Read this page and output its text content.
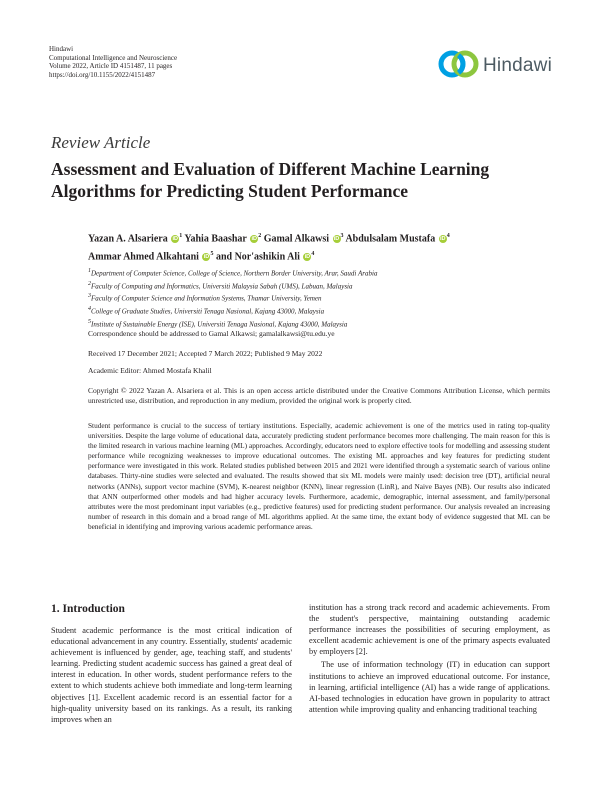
Hindawi
Computational Intelligence and Neuroscience
Volume 2022, Article ID 4151487, 11 pages
https://doi.org/10.1155/2022/4151487	Hindawi
Review Article
Assessment and Evaluation of Different Machine Learning
Algorithms for Predicting Student Performance
Yazan A. Alsariera $iD^1$ Yahia Baashar $iD^2$ Gamal Alkawsi $iD^3$ Abdulsalam Mustafa $iD^4$
Ammar Ahmed Alkahtani $iD^5$ and Nor'ashikin Ali $iD^4$
$^1$Department of Computer Science, College of Science, Northern Border University, Arar, Saudi Arabia
$^2$Faculty of Computing and Informatics, Universiti Malaysia Sabah (UMS), Labuan, Malaysia
$^3$Faculty of Computer Science and Information Systems, Thamar University, Yemen
$^4$College of Graduate Studies, Universiti Tenaga Nasional, Kajang 43000, Malaysia
$^5$Institute of Sustainable Energy (ISE), Universiti Tenaga Nasional, Kajang 43000, Malaysia
Correspondence should be addressed to Gamal Alkawsi; gamalalkawsi@tu.edu.ye
Received 17 December 2021; Accepted 7 March 2022; Published 9 May 2022
Academic Editor: Ahmed Mostafa Khalil
Copyright © 2022 Yazan A. Alsariera et al. This is an open access article distributed under the Creative Commons Attribution License, which permits unrestricted use, distribution, and reproduction in any medium, provided the original work is properly cited.
Student performance is crucial to the success of tertiary institutions. Especially, academic achievement is one of the metrics used in rating top-quality universities. Despite the large volume of educational data, accurately predicting student performance becomes more challenging. The main reason for this is the limited research in various machine learning (ML) approaches. Accordingly, educators need to explore effective tools for modelling and assessing student performance while recognizing weaknesses to improve educational outcomes. The existing ML approaches and key features for predicting student performance were investigated in this work. Related studies published between 2015 and 2021 were identified through a systematic search of various online databases. Thirty-nine studies were selected and evaluated. The results showed that six ML models were mainly used: decision tree (DT), artificial neural networks (ANNs), support vector machine (SVM), K-nearest neighbor (KNN), linear regression (LinR), and Naive Bayes (NB). Our results also indicated that ANN outperformed other models and had higher accuracy levels. Furthermore, academic, demographic, internal assessment, and family/personal attributes were the most predominant input variables (e.g., predictive features) used for predicting student performance. Our analysis revealed an increasing number of research in this domain and a broad range of ML algorithms applied. At the same time, the extant body of evidence suggested that ML can be beneficial in identifying and improving various academic performance areas.
1. Introduction

Student academic performance is the most critical indication of educational advancement in any country. Essentially, students' academic achievement is influenced by gender, age, teaching staff, and students' learning. Predicting student academic success has gained a great deal of interest in education. In other words, student performance refers to the extent to which students achieve both immediate and long-term learning objectives [1]. Excellent academic record is an essential factor for a high-quality university based on its rankings. As a result, its ranking improves when an

institution has a strong track record and academic achievements. From the student's perspective, maintaining outstanding academic performance increases the possibilities of securing employment, as excellent academic achievement is one of the primary aspects evaluated by employers [2].

The use of information technology (IT) in education can support institutions to achieve an improved educational outcome. For instance, in learning, artificial intelligence (AI) has a wide range of applications. AI-based technologies in education have grown in popularity to attract attention while improving quality and enhancing traditional teaching
